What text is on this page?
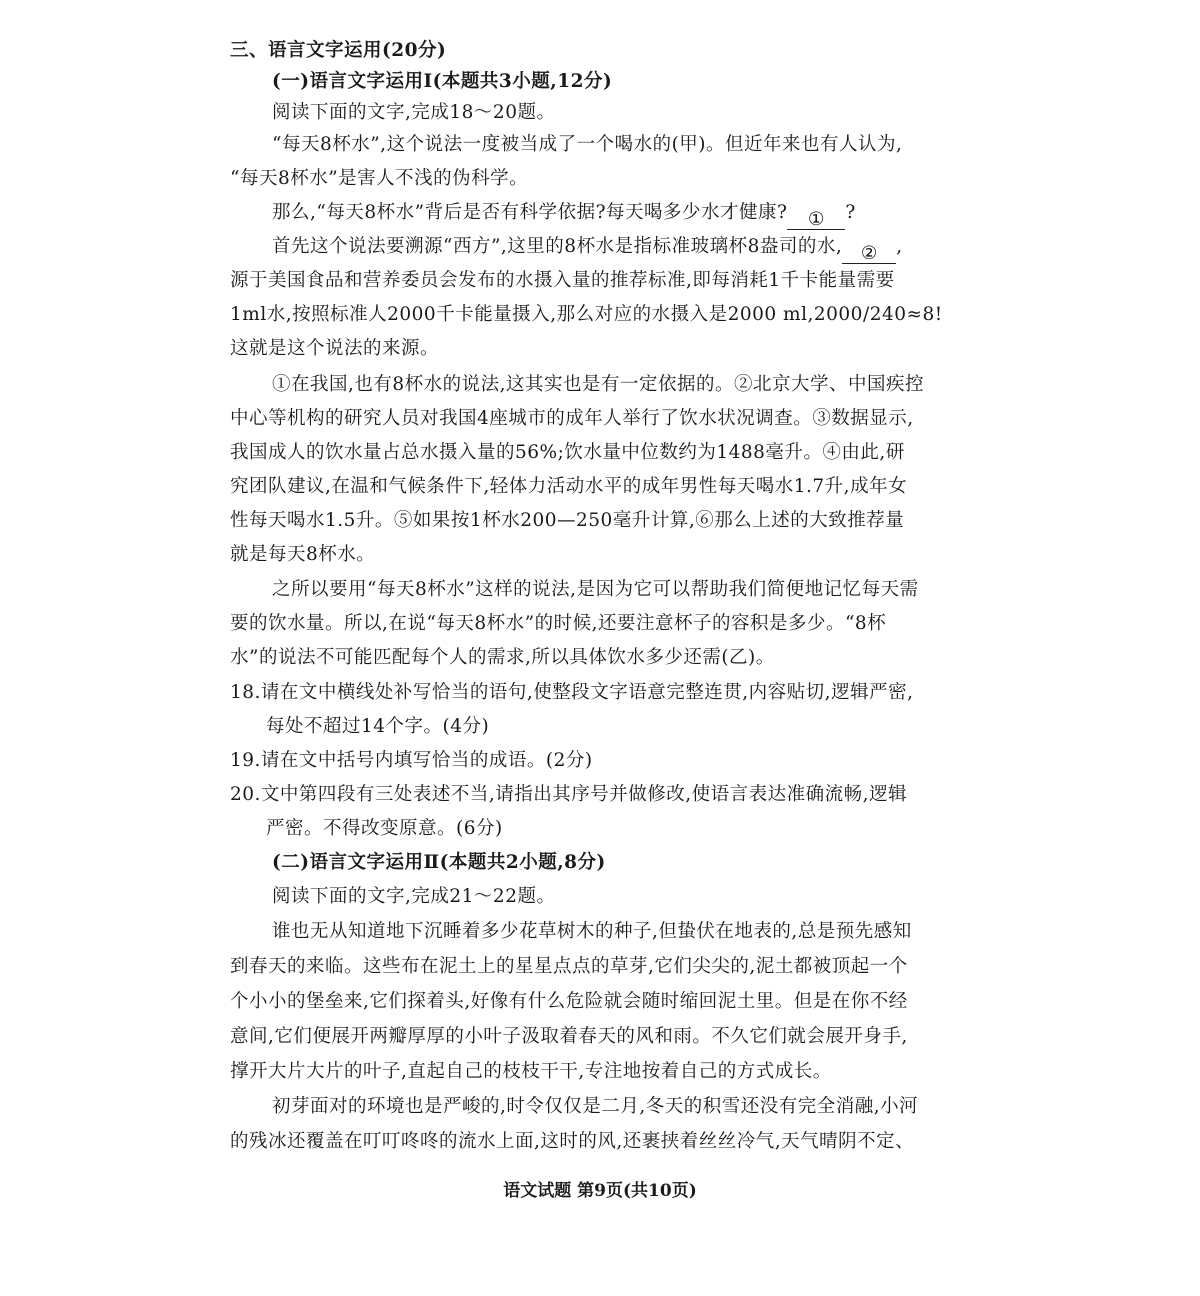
三、语言文字运用(20分)
(一)语言文字运用Ⅰ(本题共3小题,12分)
阅读下面的文字,完成18～20题。
“每天8杯水”,这个说法一度被当成了一个喝水的(甲)。但近年来也有人认为,
“每天8杯水”是害人不浅的伪科学。
那么,“每天8杯水”背后是否有科学依据?每天喝多少水才健康? ① ?
首先这个说法要溯源“西方”,这里的8杯水是指标准玻璃杯8盎司的水, ② ,
源于美国食品和营养委员会发布的水摄入量的推荐标准,即每消耗1千卡能量需要
1ml水,按照标准人2000千卡能量摄入,那么对应的水摄入是2000 ml,2000/240≈8!
这就是这个说法的来源。
①在我国,也有8杯水的说法,这其实也是有一定依据的。②北京大学、中国疾控
中心等机构的研究人员对我国4座城市的成年人举行了饮水状况调查。③数据显示,
我国成人的饮水量占总水摄入量的56%;饮水量中位数约为1488毫升。④由此,研
究团队建议,在温和气候条件下,轻体力活动水平的成年男性每天喝水1.7升,成年女
性每天喝水1.5升。⑤如果按1杯水200—250毫升计算,⑥那么上述的大致推荐量
就是每天8杯水。
之所以要用“每天8杯水”这样的说法,是因为它可以帮助我们简便地记忆每天需
要的饮水量。所以,在说“每天8杯水”的时候,还要注意杯子的容积是多少。“8杯
水”的说法不可能匹配每个人的需求,所以具体饮水多少还需(乙)。
18.请在文中横线处补写恰当的语句,使整段文字语意完整连贯,内容贴切,逻辑严密,
每处不超过14个字。(4分)
19.请在文中括号内填写恰当的成语。(2分)
20.文中第四段有三处表述不当,请指出其序号并做修改,使语言表达准确流畅,逻辑
严密。不得改变原意。(6分)
(二)语言文字运用Ⅱ(本题共2小题,8分)
阅读下面的文字,完成21～22题。
谁也无从知道地下沉睡着多少花草树木的种子,但蛰伏在地表的,总是预先感知
到春天的来临。这些布在泥土上的星星点点的草芽,它们尖尖的,泥土都被顶起一个
个小小的堡垒来,它们探着头,好像有什么危险就会随时缩回泥土里。但是在你不经
意间,它们便展开两瓣厚厚的小叶子汲取着春天的风和雨。不久它们就会展开身手,
撑开大片大片的叶子,直起自己的枝枝干干,专注地按着自己的方式成长。
初芽面对的环境也是严峻的,时令仅仅是二月,冬天的积雪还没有完全消融,小河
的残冰还覆盖在叮叮咚咚的流水上面,这时的风,还裹挟着丝丝冷气,天气晴阴不定、
语文试题 第9页(共10页)
